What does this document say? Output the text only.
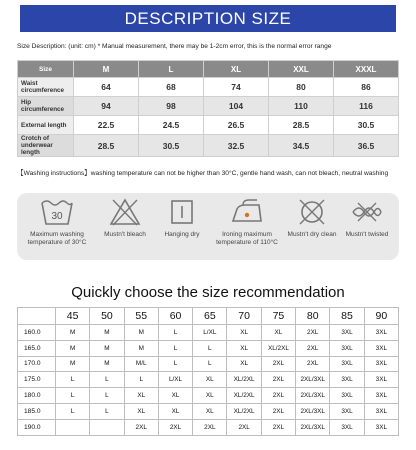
DESCRIPTION SIZE
Size Description: (unit: cm) * Manual measurement, there may be 1-2cm error, this is the normal error range
Size	M	L	XL	XXL	XXXL
Waist circumference	64	68	74	80	86
Hip circumference	94	98	104	110	116
External length	22.5	24.5	26.5	28.5	30.5
Crotch of underwear length	28.5	30.5	32.5	34.5	36.5
【Washing instructions】washing temperature can not be higher than 30°C, gentle hand wash, can not bleach, neutral washing
30
Maximum washing
temperature of 30°C
Mustn't bleach	Hanging dry	Ironing maximum
temperature of 110°C
Mustn't dry clean	Mustn't twisted
Quickly choose the size recommendation
	45	50	55	60	65	70	75	80	85	90
160.0	M	M	M	L	L/XL	XL	XL	2XL	3XL	3XL
165.0	M	M	M	L	L	XL	XL/2XL	2XL	3XL	3XL
170.0	M	M	M/L	L	L	XL	2XL	2XL	3XL	3XL
175.0	L	L	L	L/XL	XL	XL/2XL	2XL	2XL/3XL	3XL	3XL
180.0	L	L	XL	XL	XL	XL/2XL	2XL	2XL/3XL	3XL	3XL
185.0	L	L	XL	XL	XL	XL/2XL	2XL	2XL/3XL	3XL	3XL
190.0			2XL	2XL	2XL	2XL	2XL	2XL/3XL	3XL	3XL
